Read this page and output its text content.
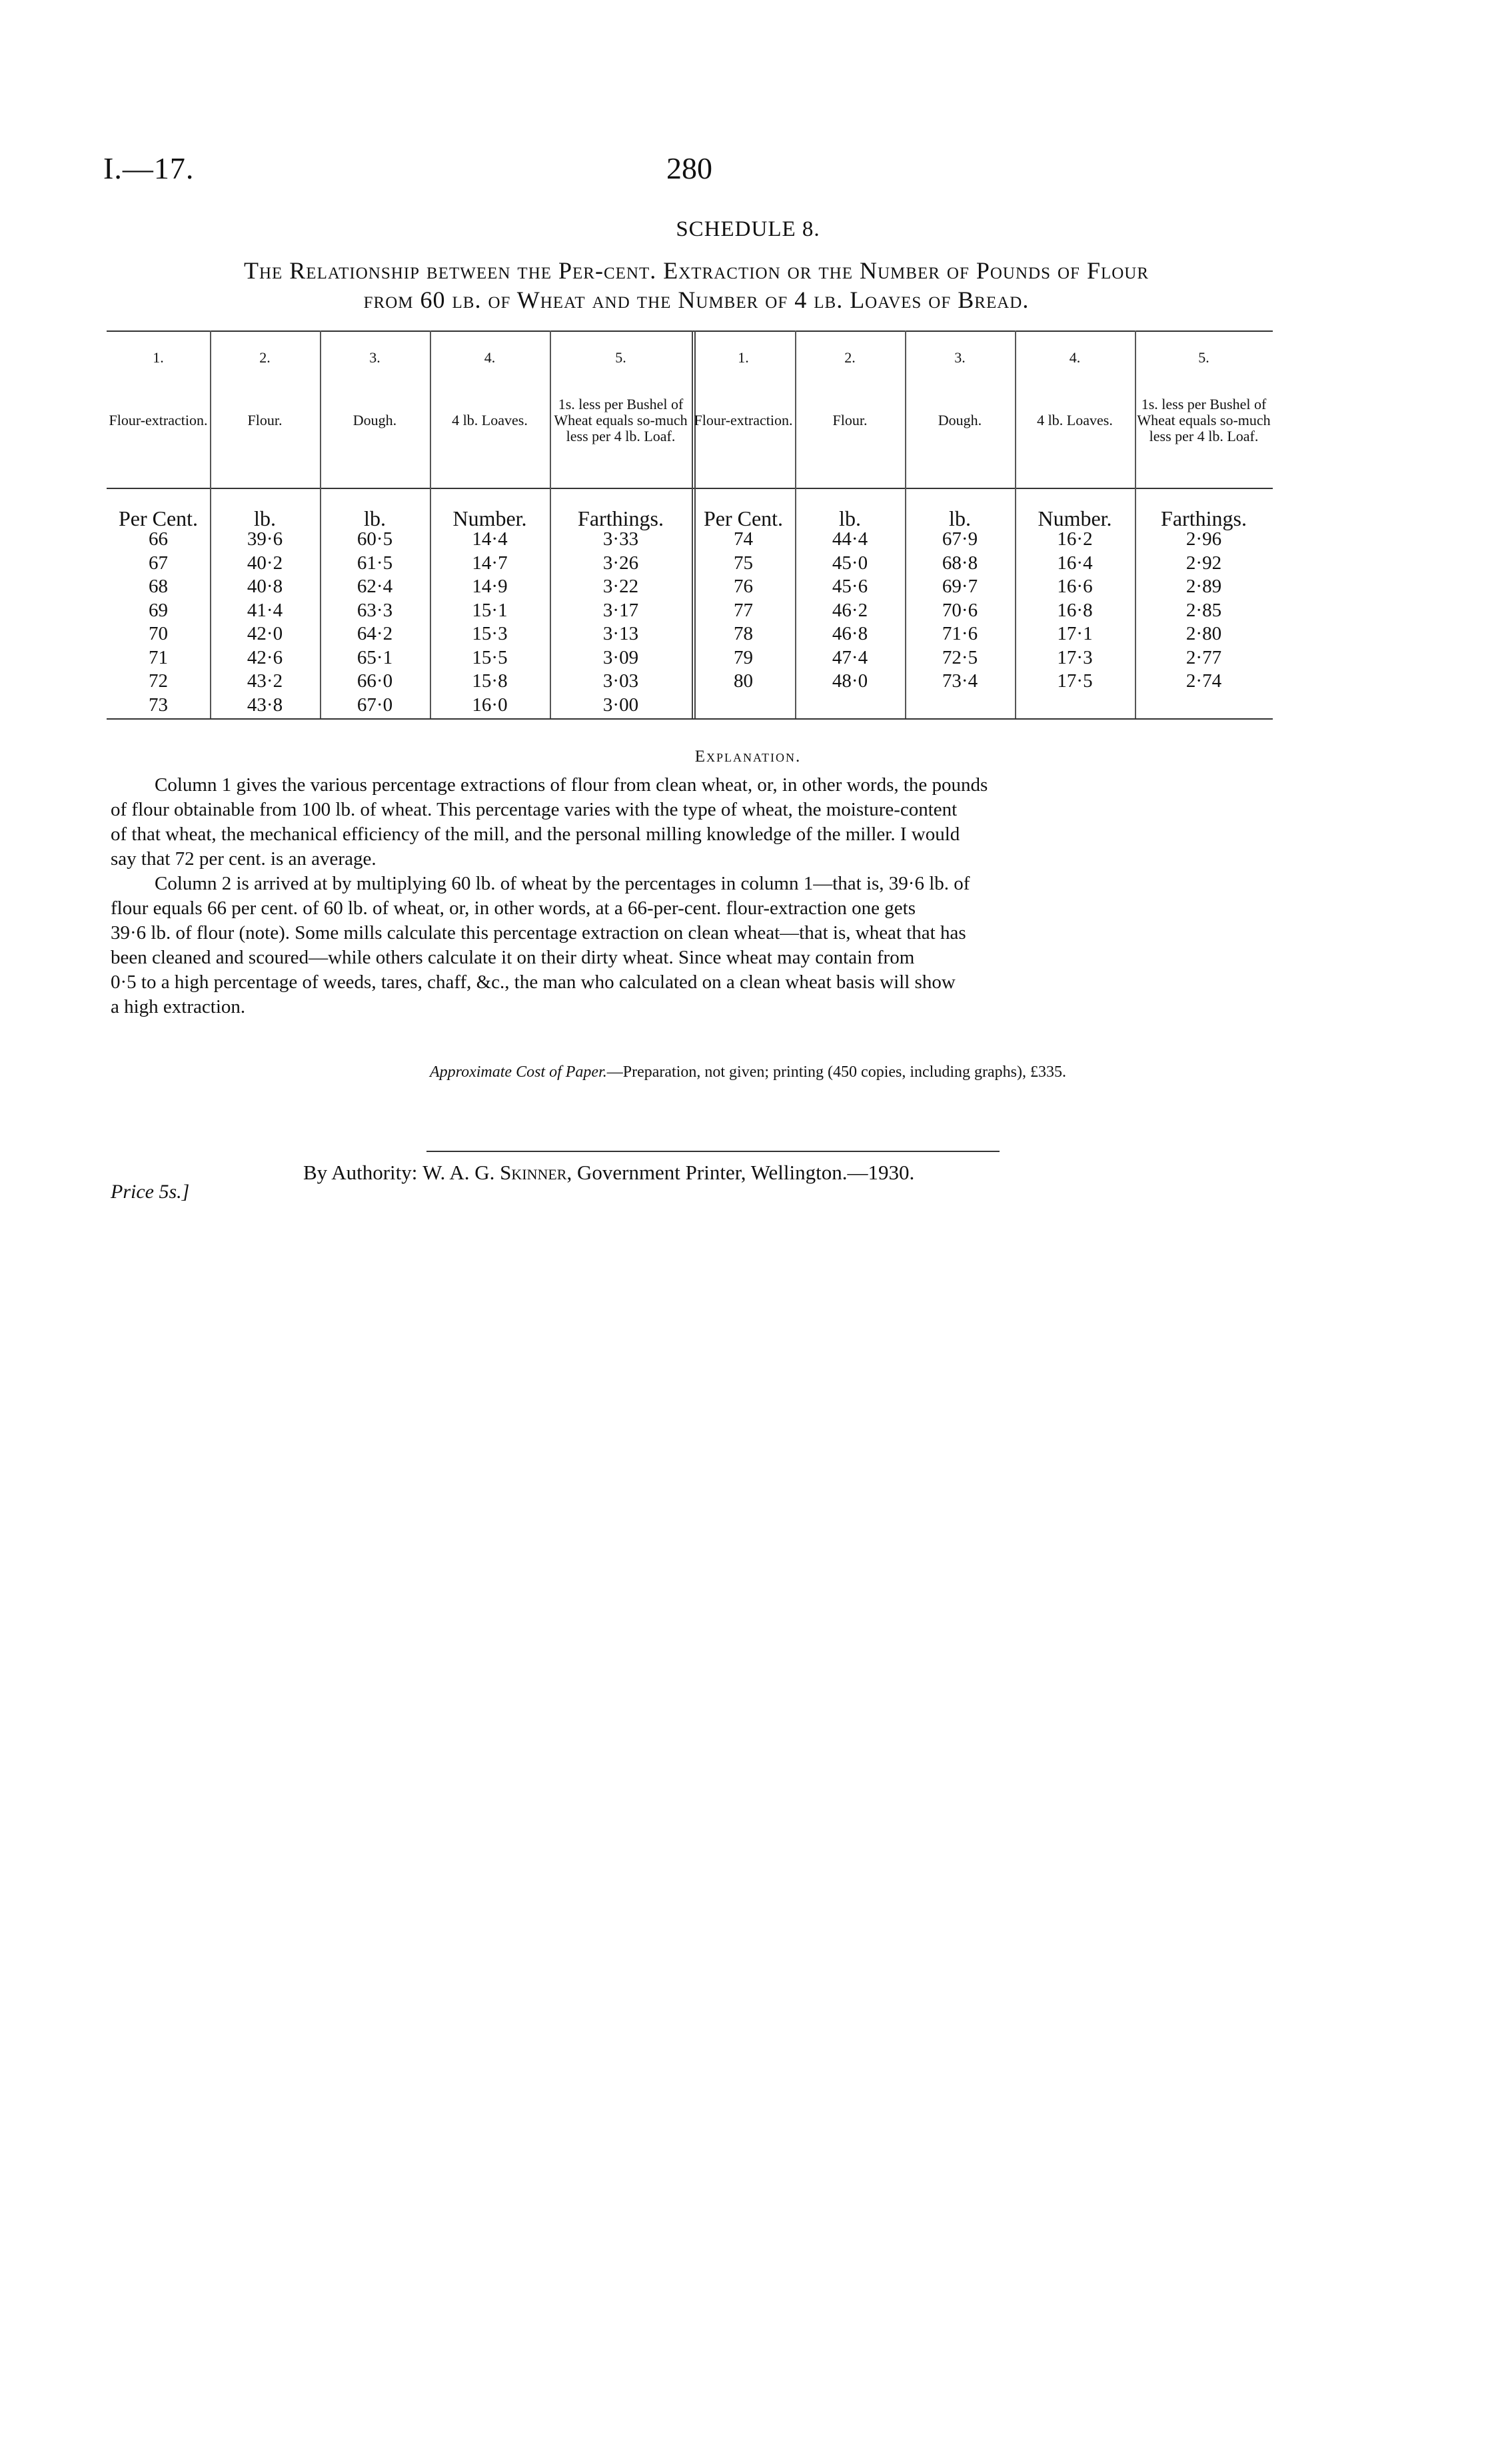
I.—17.	280
SCHEDULE 8.
The Relationship between the Per-cent. Extraction or the Number of Pounds of Flour
from 60 lb. of Wheat and the Number of 4 lb. Loaves of Bread.
1.
Flour-extraction.
Per Cent.
66
67
68
69
70
71
72
73
2.
Flour.
lb.
39·6
40·2
40·8
41·4
42·0
42·6
43·2
43·8
3.
Dough.
lb.
60·5
61·5
62·4
63·3
64·2
65·1
66·0
67·0
4.
4 lb. Loaves.
Number.
14·4
14·7
14·9
15·1
15·3
15·5
15·8
16·0
5.
1s. less per Bushel of Wheat equals so-much less per 4 lb. Loaf.
Farthings.
3·33
3·26
3·22
3·17
3·13
3·09
3·03
3·00
1.
Flour-extraction.
Per Cent.
74
75
76
77
78
79
80
2.
Flour.
lb.
44·4
45·0
45·6
46·2
46·8
47·4
48·0
3.
Dough.
lb.
67·9
68·8
69·7
70·6
71·6
72·5
73·4
4.
4 lb. Loaves.
Number.
16·2
16·4
16·6
16·8
17·1
17·3
17·5
5.
1s. less per Bushel of Wheat equals so-much less per 4 lb. Loaf.
Farthings.
2·96
2·92
2·89
2·85
2·80
2·77
2·74
Explanation.
Column 1 gives the various percentage extractions of flour from clean wheat, or, in other words, the pounds
of flour obtainable from 100 lb. of wheat. This percentage varies with the type of wheat, the moisture-content
of that wheat, the mechanical efficiency of the mill, and the personal milling knowledge of the miller. I would
say that 72 per cent. is an average.
Column 2 is arrived at by multiplying 60 lb. of wheat by the percentages in column 1—that is, 39·6 lb. of
flour equals 66 per cent. of 60 lb. of wheat, or, in other words, at a 66-per-cent. flour-extraction one gets
39·6 lb. of flour (note). Some mills calculate this percentage extraction on clean wheat—that is, wheat that has
been cleaned and scoured—while others calculate it on their dirty wheat. Since wheat may contain from
0·5 to a high percentage of weeds, tares, chaff, &c., the man who calculated on a clean wheat basis will show
a high extraction.
Approximate Cost of Paper.—Preparation, not given; printing (450 copies, including graphs), £335.
By Authority: W. A. G. Skinner, Government Printer, Wellington.—1930.
Price 5s.]
